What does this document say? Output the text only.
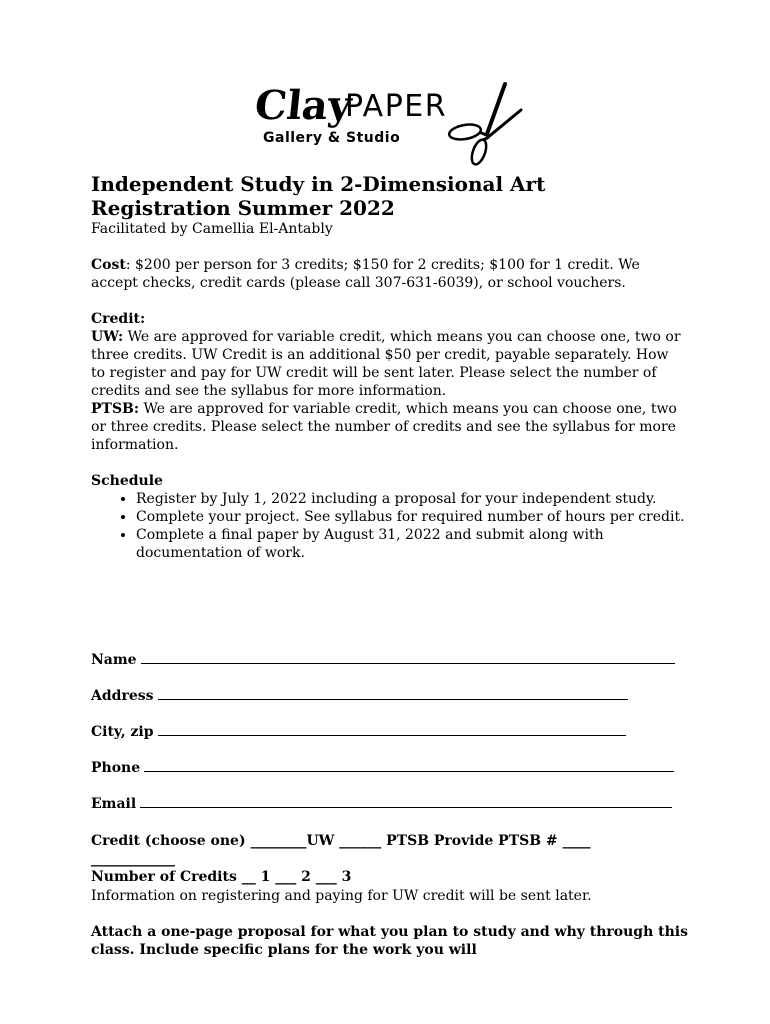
Clay
PAPER
Gallery & Studio
Independent Study in 2-Dimensional Art
Registration Summer 2022

Facilitated by Camellia El-Antably

Cost: $200 per person for 3 credits; $150 for 2 credits; $100 for 1 credit. We accept checks, credit cards (please call 307-631-6039), or school vouchers.

Credit:

UW: We are approved for variable credit, which means you can choose one, two or three credits. UW Credit is an additional $50 per credit, payable separately. How to register and pay for UW credit will be sent later. Please select the number of credits and see the syllabus for more information.

PTSB: We are approved for variable credit, which means you can choose one, two or three credits. Please select the number of credits and see the syllabus for more information.

Schedule

• Register by July 1, 2022 including a proposal for your independent study.
• Complete your project. See syllabus for required number of hours per credit.
• Complete a final paper by August 31, 2022 and submit along with documentation of work.
Name
Address
City, zip
Phone
Email
Credit (choose one) ________UW ______ PTSB Provide PTSB # ____
____________
Number of Credits __ 1 ___ 2 ___ 3
Information on registering and paying for UW credit will be sent later.
Attach a one-page proposal for what you plan to study and why through this class. Include specific plans for the work you will
